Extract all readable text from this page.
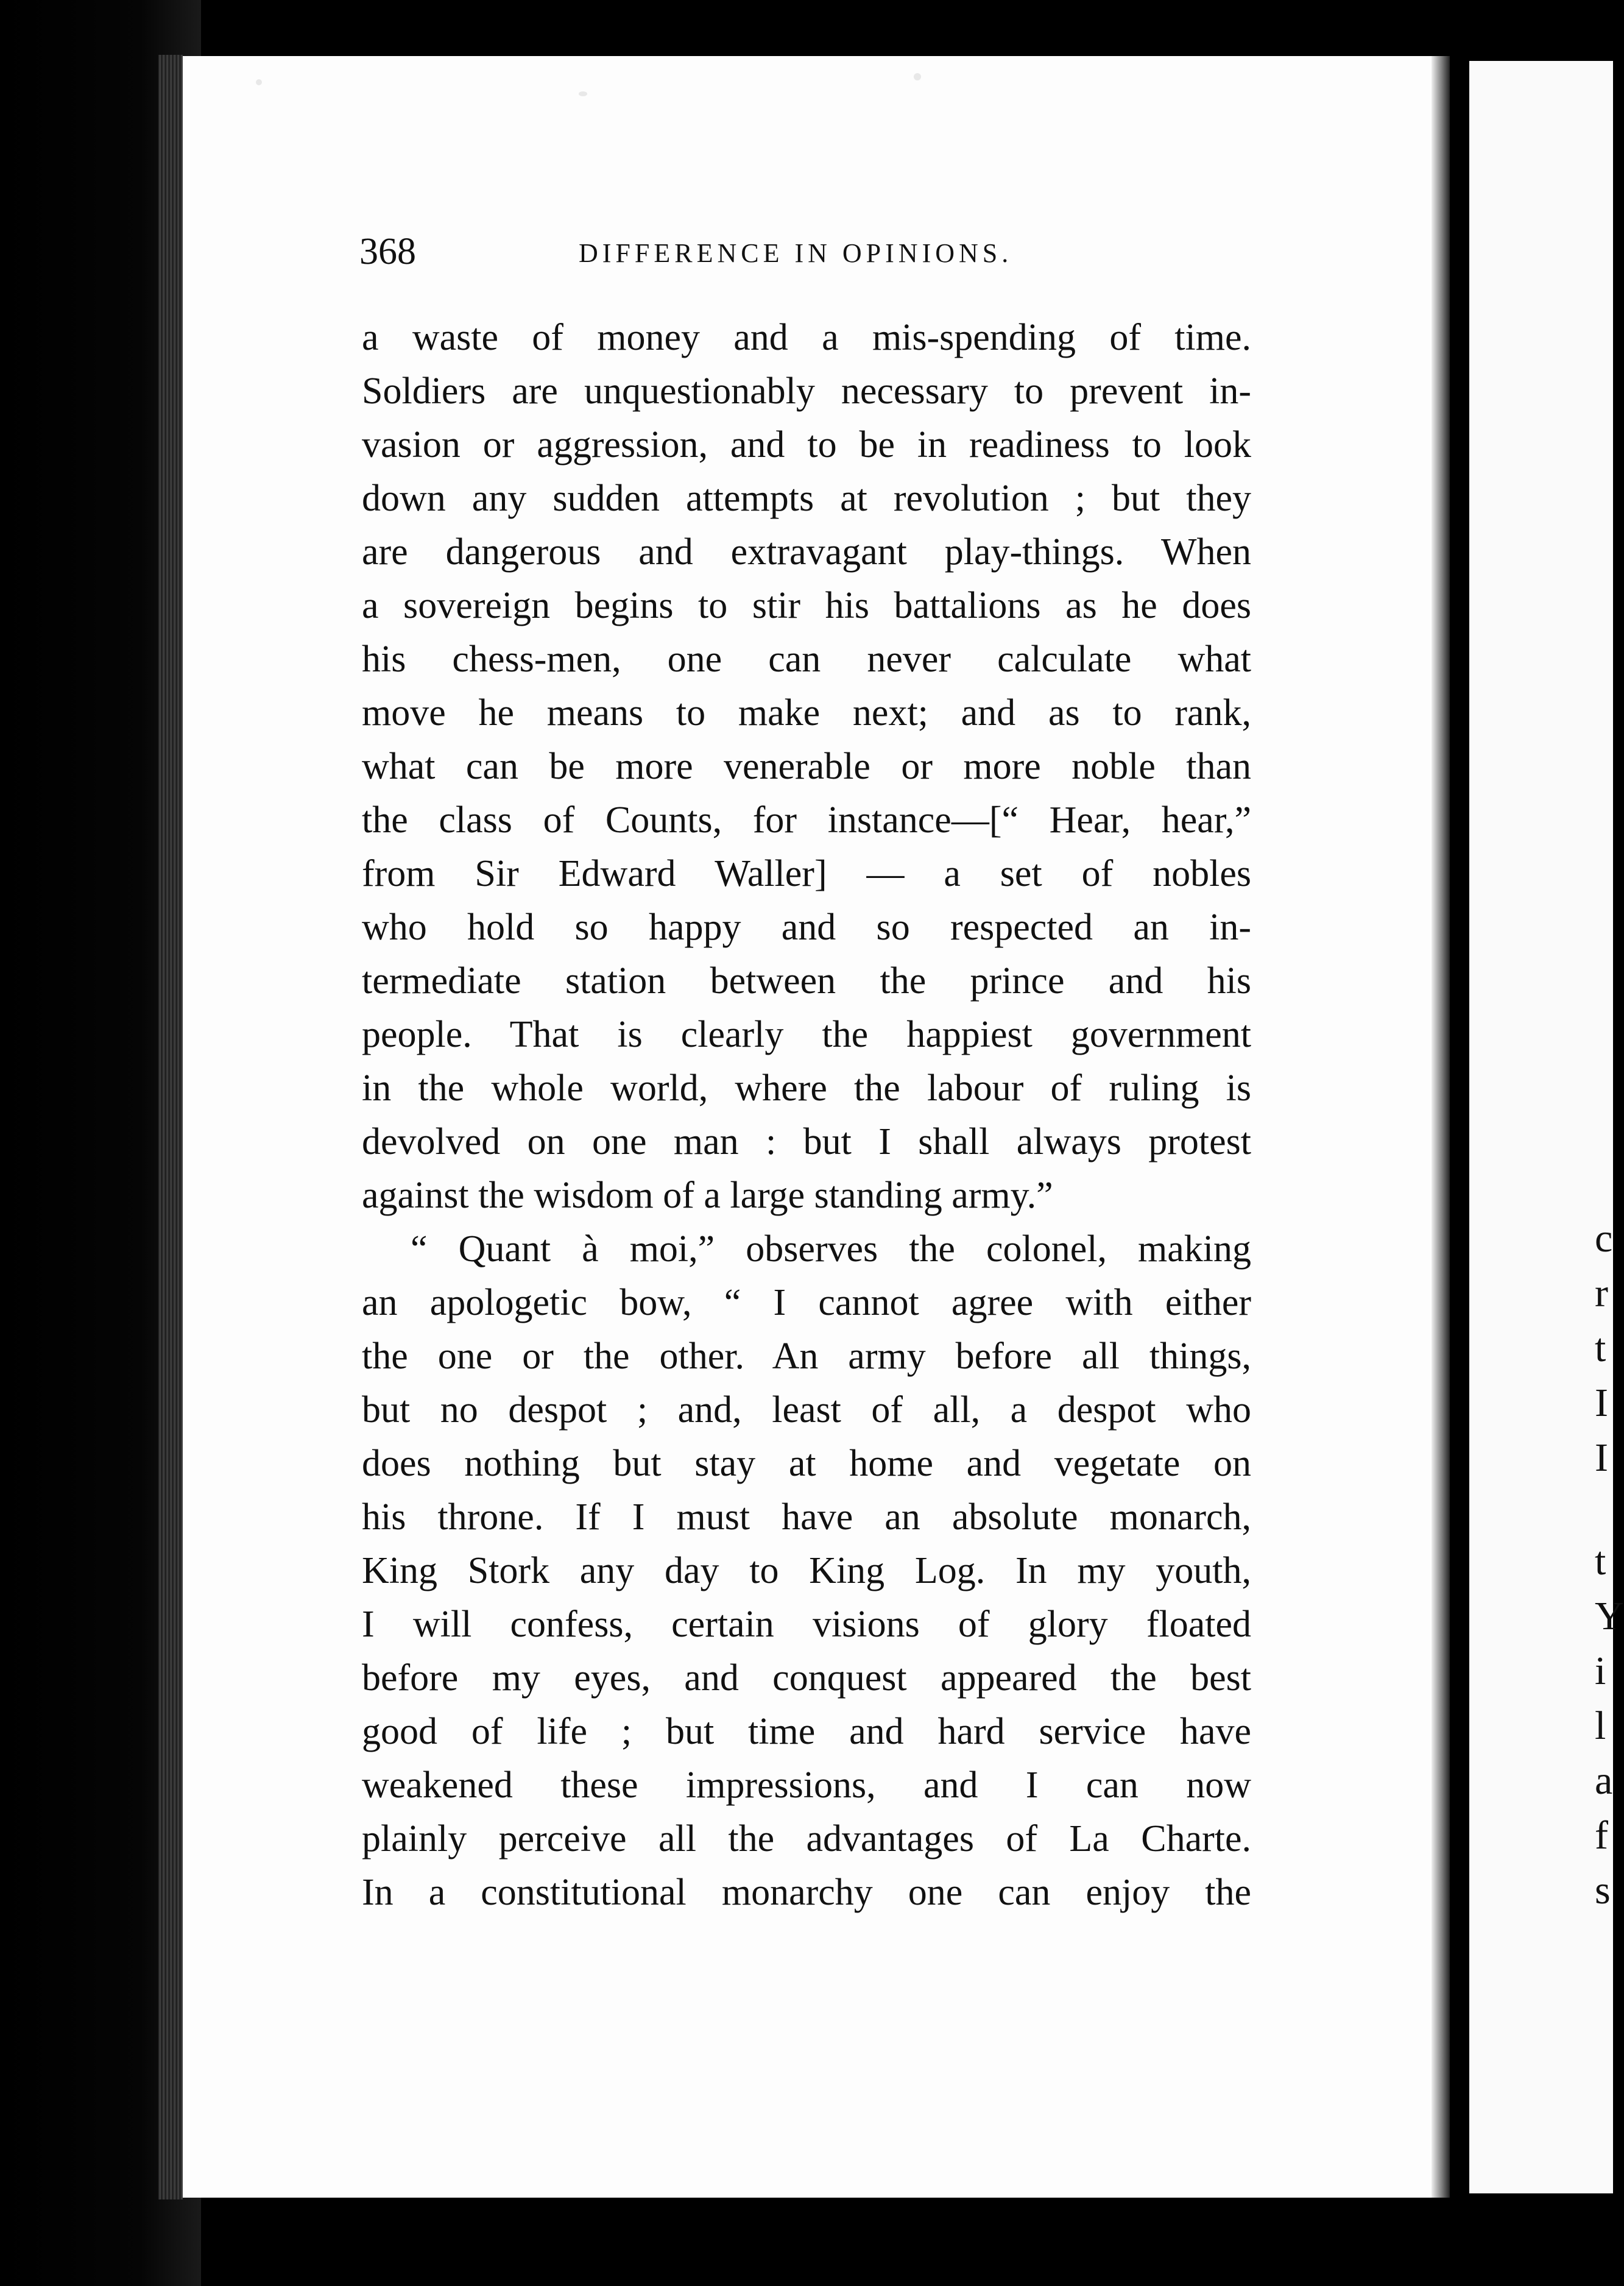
368	DIFFERENCE IN OPINIONS.
a waste of money and a mis-spending of time.
Soldiers are unquestionably necessary to prevent in-
vasion or aggression, and to be in readiness to look
down any sudden attempts at revolution ; but they
are dangerous and extravagant play-things. When
a sovereign begins to stir his battalions as he does
his chess-men, one can never calculate what
move he means to make next; and as to rank,
what can be more venerable or more noble than
the class of Counts, for instance—[“ Hear, hear,”
from Sir Edward Waller] — a set of nobles
who hold so happy and so respected an in-
termediate station between the prince and his
people. That is clearly the happiest government
in the whole world, where the labour of ruling is
devolved on one man : but I shall always protest
against the wisdom of a large standing army.”
“ Quant à moi,” observes the colonel, making
an apologetic bow, “ I cannot agree with either
the one or the other. An army before all things,
but no despot ; and, least of all, a despot who
does nothing but stay at home and vegetate on
his throne. If I must have an absolute monarch,
King Stork any day to King Log. In my youth,
I will confess, certain visions of glory floated
before my eyes, and conquest appeared the best
good of life ; but time and hard service have
weakened these impressions, and I can now
plainly perceive all the advantages of La Charte.
In a constitutional monarchy one can enjoy the
c
r
t
I
I
t
Y
i
l
a
f
s
